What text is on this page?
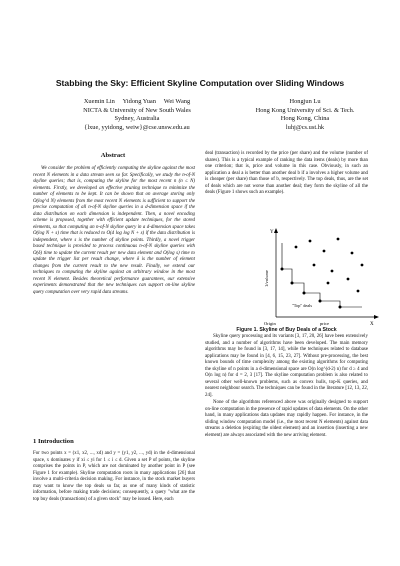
Stabbing the Sky: Efficient Skyline Computation over Sliding Windows
Xuemin Lin     Yidong Yuan     Wei Wang
NICTA & University of New South Wales
Sydney, Australia
{lxue, yyidong, weiw}@cse.unsw.edu.au
Hongjun Lu
Hong Kong University of Sci. & Tech.
Hong Kong, China
luhj@cs.ust.hk
Abstract

We consider the problem of efficiently computing the skyline against the most recent N elements in a data stream seen so far. Specifically, we study the n-of-N skyline queries; that is, computing the skyline for the most recent n (n ≤ N) elements. Firstly, we developed an effective pruning technique to minimize the number of elements to be kept. It can be shown that on average storing only O(log^d N) elements from the most recent N elements is sufficient to support the precise computation of all n-of-N skyline queries in a d-dimension space if the data distribution on each dimension is independent. Then, a novel encoding scheme is proposed, together with efficient update techniques, for the stored elements, so that computing an n-of-N skyline query in a d-dimension space takes O(log N + s) time that is reduced to O(d log log N + s) if the data distribution is independent, where s is the number of skyline points. Thirdly, a novel trigger based technique is provided to process continuous n-of-N skyline queries with O(δ) time to update the current result per new data element and O(log s) time to update the trigger list per result change, where δ is the number of element changes from the current result to the new result. Finally, we extend our techniques to computing the skyline against an arbitrary window in the most recent N element. Besides theoretical performance guarantees, our extensive experiments demonstrated that the new techniques can support on-line skyline query computation over very rapid data streams.

1 Introduction

For two points x = (x1, x2, ..., xd) and y = (y1, y2, ..., yd) in the d-dimensional space, x dominates y if xi ≤ yi for 1 ≤ i ≤ d. Given a set P of points, the skyline comprises the points in P, which are not dominated by another point in P (see Figure 1 for example). Skyline computation roots in many applications [26] that involve a multi-criteria decision making. For instance, in the stock market buyers may want to know the top deals so far, as one of many kinds of statistic information, before making trade decisions; consequently, a query "what are the top buy deals (transactions) of a given stock" may be issued. Here, each

deal (transaction) is recorded by the price (per share) and the volume (number of shares). This is a typical example of ranking the data items (deals) by more than one criterion; that is, price and volume in this case. Obviously, in such an application a deal a is better than another deal b if a involves a higher volume and is cheaper (per share) than those of b, respectively. The top deals, thus, are the set of deals which are not worse than another deal; they form the skyline of all the deals (Figure 1 shows such an example).

Y
1/volume
Origin	price	X
"Top" deals
Figure 1. Skyline of Buy Deals of a Stock

Skyline query processing and its variants [3, 17, 20, 26] have been extensively studied, and a number of algorithms have been developed. The main memory algorithms may be found in [3, 17, 14], while the techniques related to database applications may be found in [4, 6, 15, 23, 27]. Without pre-processing, the best known bounds of time complexity among the existing algorithms for computing the skyline of n points in a d-dimensional space are O(n log^(d-2) n) for d ≥ 4 and O(n log n) for d = 2, 3 [17]. The skyline computation problem is also related to several other well-known problems, such as convex hulls, top-K queries, and nearest neighbour search. The techniques can be found in the literature [12, 13, 22, 24].

None of the algorithms referenced above was originally designed to support on-line computation in the presence of rapid updates of data elements. On the other hand, in many applications data updates may rapidly happen. For instance, in the sliding window computation model (i.e., the most recent N elements) against data streams a deletion (expiring the oldest element) and an insertion (inserting a new element) are always associated with the new arriving element.
